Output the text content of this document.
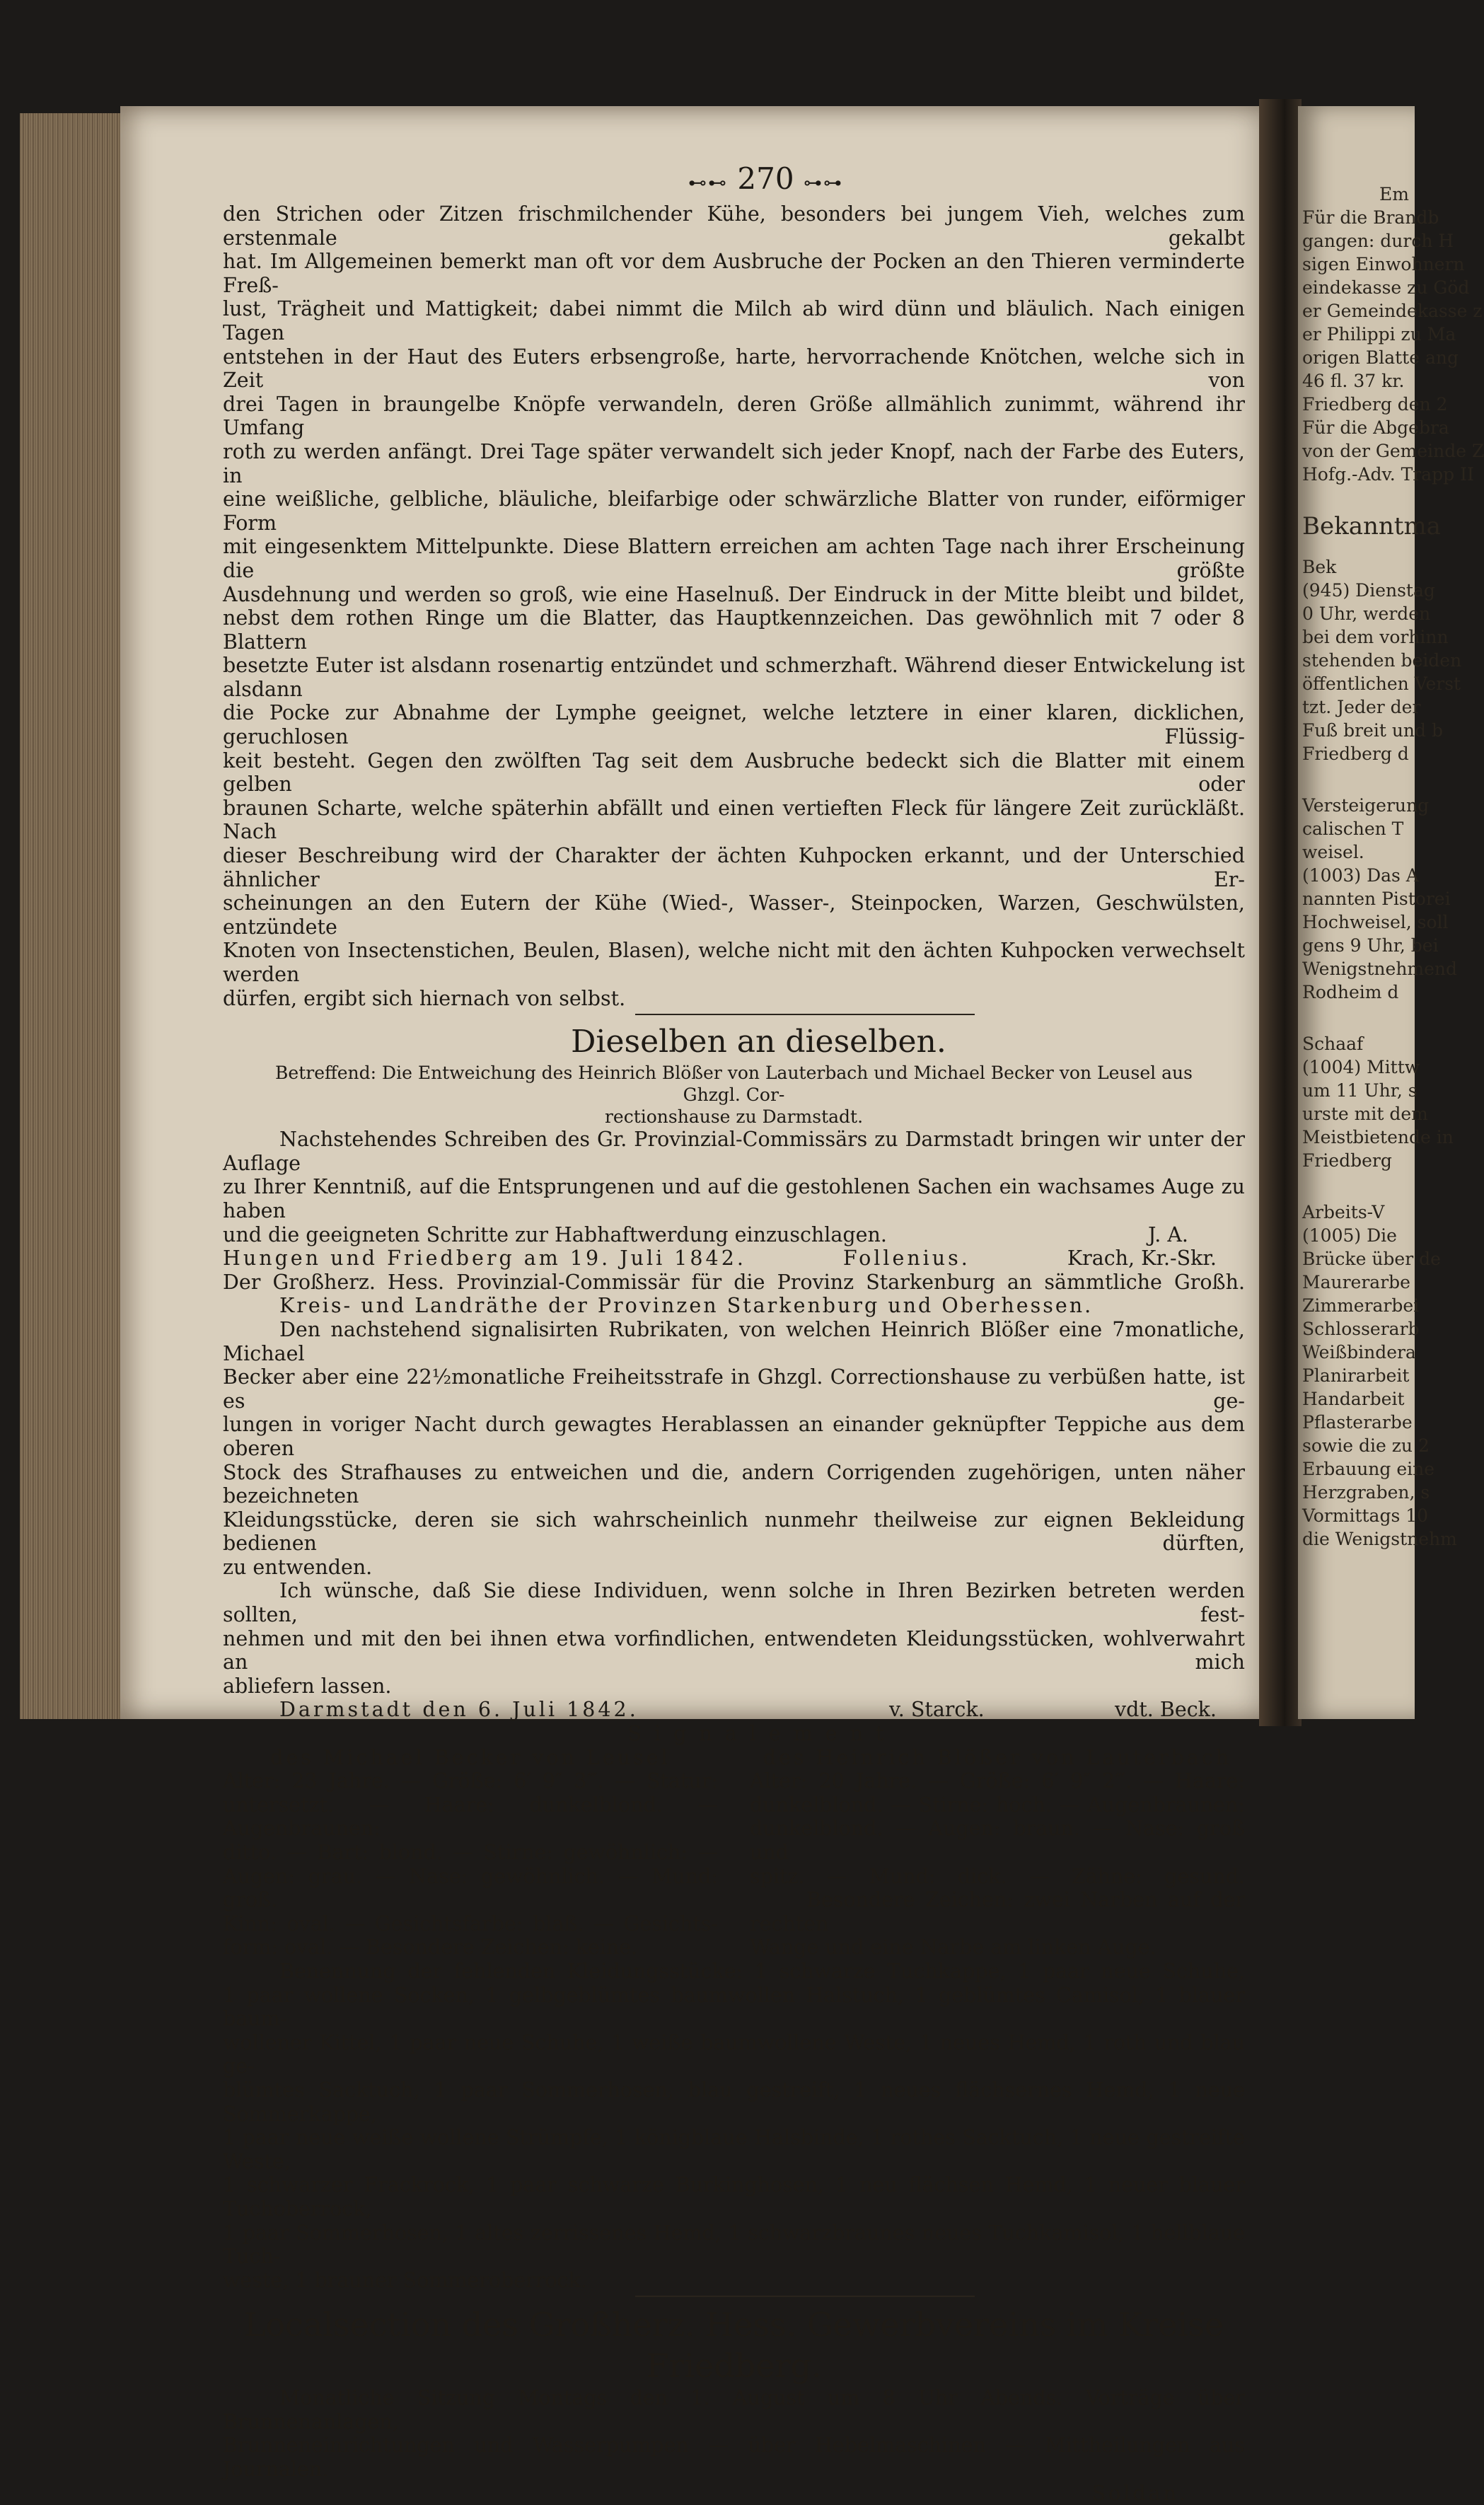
Em
Für die Brandb
gangen: durch H
sigen Einwohnern
eindekasse zu Göd
er Gemeindekasse z
er Philippi zu Ma
origen Blatte ang
46 fl. 37 kr.
Friedberg den 2
Für die Abgebra
von der Gemeinde Z
Hofg.-Adv. Trapp II
Bekanntma
Bek
(945) Dienstag
0 Uhr, werden
bei dem vorhinn
stehenden beiden
öffentlichen Verst
tzt. Jeder der
Fuß breit und b
Friedberg d
Versteigerung
calischen T
weisel.
(1003) Das A
nannten Pistorei
Hochweisel, soll
gens 9 Uhr, bei
Wenigstnehmend
Rodheim d
Schaaf
(1004) Mittw
um 11 Uhr, s
urste mit dem
Meistbietende in
Friedberg
Arbeits-V
(1005) Die
Brücke über de
Maurerarbe
Zimmerarbei
Schlosserarb
Weißbindera
Planirarbeit
Handarbeit
Pflasterarbe
sowie die zu 2
Erbauung eine
Herzgraben, s
Vormittags 10
die Wenigstnehm
⊷⊷ 270 ⊶⊶

den Strichen oder Zitzen frischmilchender Kühe, besonders bei jungem Vieh, welches zum erstenmale gekalbt

hat. Im Allgemeinen bemerkt man oft vor dem Ausbruche der Pocken an den Thieren verminderte Freß-

lust, Trägheit und Mattigkeit; dabei nimmt die Milch ab wird dünn und bläulich. Nach einigen Tagen

entstehen in der Haut des Euters erbsengroße, harte, hervorrachende Knötchen, welche sich in Zeit von

drei Tagen in braungelbe Knöpfe verwandeln, deren Größe allmählich zunimmt, während ihr Umfang

roth zu werden anfängt. Drei Tage später verwandelt sich jeder Knopf, nach der Farbe des Euters, in

eine weißliche, gelbliche, bläuliche, bleifarbige oder schwärzliche Blatter von runder, eiförmiger Form

mit eingesenktem Mittelpunkte. Diese Blattern erreichen am achten Tage nach ihrer Erscheinung die größte

Ausdehnung und werden so groß, wie eine Haselnuß. Der Eindruck in der Mitte bleibt und bildet,

nebst dem rothen Ringe um die Blatter, das Hauptkennzeichen. Das gewöhnlich mit 7 oder 8 Blattern

besetzte Euter ist alsdann rosenartig entzündet und schmerzhaft. Während dieser Entwickelung ist alsdann

die Pocke zur Abnahme der Lymphe geeignet, welche letztere in einer klaren, dicklichen, geruchlosen Flüssig-

keit besteht. Gegen den zwölften Tag seit dem Ausbruche bedeckt sich die Blatter mit einem gelben oder

braunen Scharte, welche späterhin abfällt und einen vertieften Fleck für längere Zeit zurückläßt. Nach

dieser Beschreibung wird der Charakter der ächten Kuhpocken erkannt, und der Unterschied ähnlicher Er-

scheinungen an den Eutern der Kühe (Wied-, Wasser-, Steinpocken, Warzen, Geschwülsten, entzündete

Knoten von Insectenstichen, Beulen, Blasen), welche nicht mit den ächten Kuhpocken verwechselt werden

dürfen, ergibt sich hiernach von selbst.

Dieselben an dieselben.

Betreffend: Die Entweichung des Heinrich Blößer von Lauterbach und Michael Becker von Leusel aus Ghzgl. Cor-

rectionshause zu Darmstadt.

Nachstehendes Schreiben des Gr. Provinzial-Commissärs zu Darmstadt bringen wir unter der Auflage

zu Ihrer Kenntniß, auf die Entsprungenen und auf die gestohlenen Sachen ein wachsames Auge zu haben

und die geeigneten Schritte zur Habhaftwerdung einzuschlagen.	J. A.
Hungen und Friedberg am 19. Juli 1842.	Follenius.	Krach, Kr.-Skr.

Der Großherz. Hess. Provinzial-Commissär für die Provinz Starkenburg an sämmtliche Großh.

Kreis- und Landräthe der Provinzen Starkenburg und Oberhessen.

Den nachstehend signalisirten Rubrikaten, von welchen Heinrich Blößer eine 7monatliche, Michael

Becker aber eine 22½monatliche Freiheitsstrafe in Ghzgl. Correctionshause zu verbüßen hatte, ist es ge-

lungen in voriger Nacht durch gewagtes Herablassen an einander geknüpfter Teppiche aus dem oberen

Stock des Strafhauses zu entweichen und die, andern Corrigenden zugehörigen, unten näher bezeichneten

Kleidungsstücke, deren sie sich wahrscheinlich nunmehr theilweise zur eignen Bekleidung bedienen dürften,

zu entwenden.

Ich wünsche, daß Sie diese Individuen, wenn solche in Ihren Bezirken betreten werden sollten, fest-

nehmen und mit den bei ihnen etwa vorfindlichen, entwendeten Kleidungsstücken, wohlverwahrt an mich

abliefern lassen.

Darmstadt den 6. Juli 1842.	v. Starck.	vdt. Beck.
Signalement
des Michael Becker von Leusel

Alter: 23 Jahre. — Größe: 6′ 9″ 3‴. — Statur:

untersetzt. — Haare: dunkelblond. — Augenbraunen:

ditto. — Bart: blond. — Stirne: gewöhnlich: —

Augen: grau. — Nase: gewöhnlich. — Mund: groß.

Kinn: oval. — Gesichtsfarbe: blaß. — Gesichts-

form: oval. — Besondere Zeichen: keine.

des Heinrich Blößer von Lauterbach

Alter: 20 Jahre. — Größe: 6′ 9″ 2‴. — Haare:

dunkelblond. — Stirne: hoch. — Augenbraunen:

dunkelblond. — Augen: braun. — Nase: groß und

spitz. — Mund: dick. — Zähne: gesund.

Besondere Zeichen: zwei Narben auf der rechten

Wange und eine Narbe am linken Auge.

Benennung der fehlenden Kleidungsstücke: 1 schwarze Tuchkappe, 1 paar neue Schuhe,

1 paar wollene Socken, 1 gelbgeblümtes baumwollen Halstuch, 1 geblümtes Camisol, 1 blauer baum-

wollener Kittel, 1 paar neue Schuhe, 1 weiße baumwollene Weste, 1 neues Hemd, 1 roth und blau ge-

blümtes Sacktuch, 1 paar Sommerhosen, blau gestreift, 1 neues flächsernes Hemd, 1 neue Sommerkappe,

1 paar neue weiße wollene Strümpfe, 1 königblaue Halsbinde, 1 rothes Sacktuch, 1 neue gestreifte Weste,

1 schwarzer Frackrock, 1 paar schwarze Burkinghosen, 1 neu flächsen Hemd, 1 neuer blauer Tuchoberrock,

1 paar Sommerhosen, 1 altes zerrissenes Hemd, 1 schwarzbraunes neues Tuchkamisol, 1 hellblaue Tuch-

weste, 1 brauner Sommeroberrock.

Localsection des Großherz. Hess. Gewerbvereins im Kreise Friedberg.

Monatliche Sitzung Montags den 1. August um 8 Uhr Abends. Vorträge über Brunnenanlagen,

Brunneneinrichtungen und Wasserpumpen — über Hebelmaschinen — Mittheilungen aus Journalen.

Soldan.
